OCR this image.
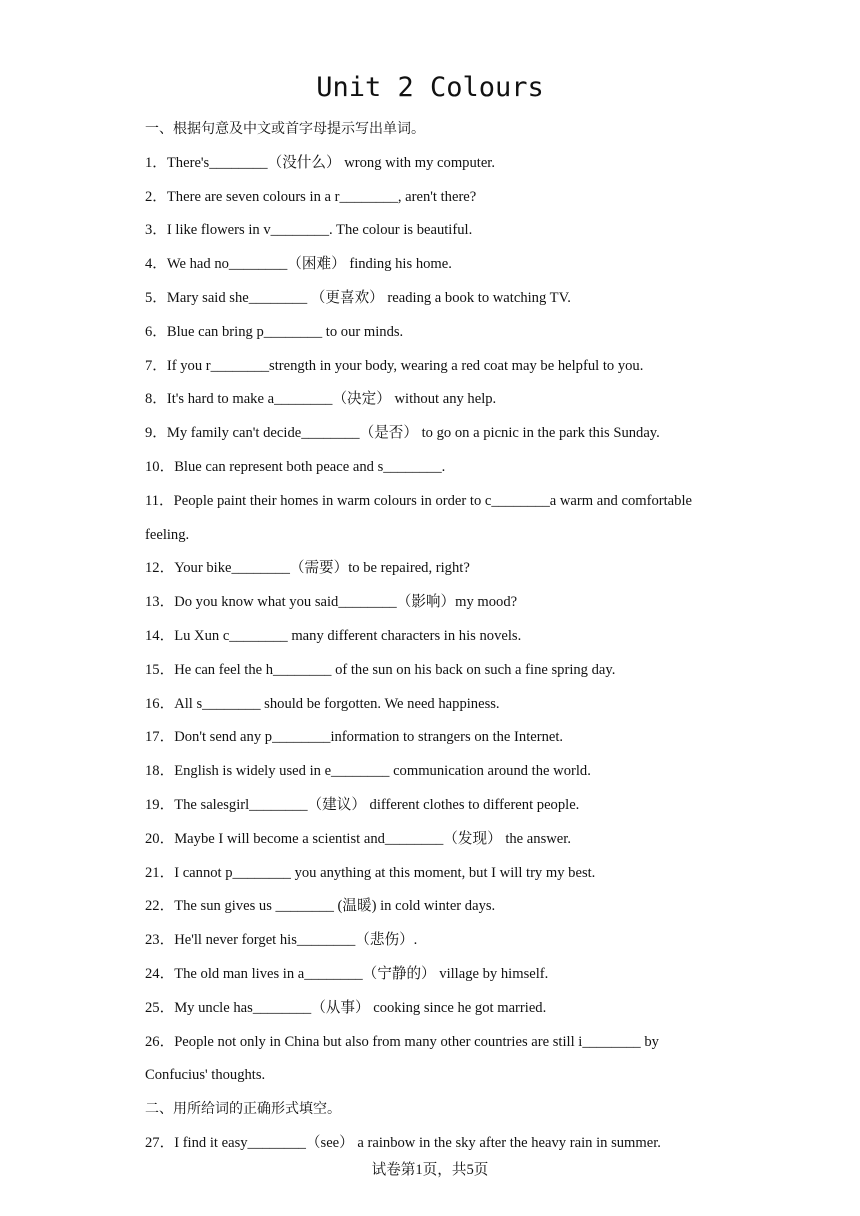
Unit 2 Colours
一、根据句意及中文或首字母提示写出单词。
1．There's________（没什么） wrong with my computer.
2．There are seven colours in a r________, aren't there?
3．I like flowers in v________. The colour is beautiful.
4．We had no________（困难） finding his home.
5．Mary said she________ （更喜欢） reading a book to watching TV.
6．Blue can bring p________ to our minds.
7．If you r________strength in your body, wearing a red coat may be helpful to you.
8．It's hard to make a________（决定） without any help.
9．My family can't decide________（是否） to go on a picnic in the park this Sunday.
10．Blue can represent both peace and s________.
11．People paint their homes in warm colours in order to c________a warm and comfortable
feeling.
12．Your bike________（需要）to be repaired, right?
13．Do you know what you said________（影响）my mood?
14．Lu Xun c________ many different characters in his novels.
15．He can feel the h________ of the sun on his back on such a fine spring day.
16．All s________ should be forgotten. We need happiness.
17．Don't send any p________information to strangers on the Internet.
18．English is widely used in e________ communication around the world.
19．The salesgirl________（建议） different clothes to different people.
20．Maybe I will become a scientist and________（发现） the answer.
21．I cannot p________ you anything at this moment, but I will try my best.
22．The sun gives us ________ (温暖) in cold winter days.
23．He'll never forget his________（悲伤）.
24．The old man lives in a________（宁静的） village by himself.
25．My uncle has________（从事） cooking since he got married.
26．People not only in China but also from many other countries are still i________ by
Confucius' thoughts.
二、用所给词的正确形式填空。
27．I find it easy________（see） a rainbow in the sky after the heavy rain in summer.
试卷第1页，共5页
